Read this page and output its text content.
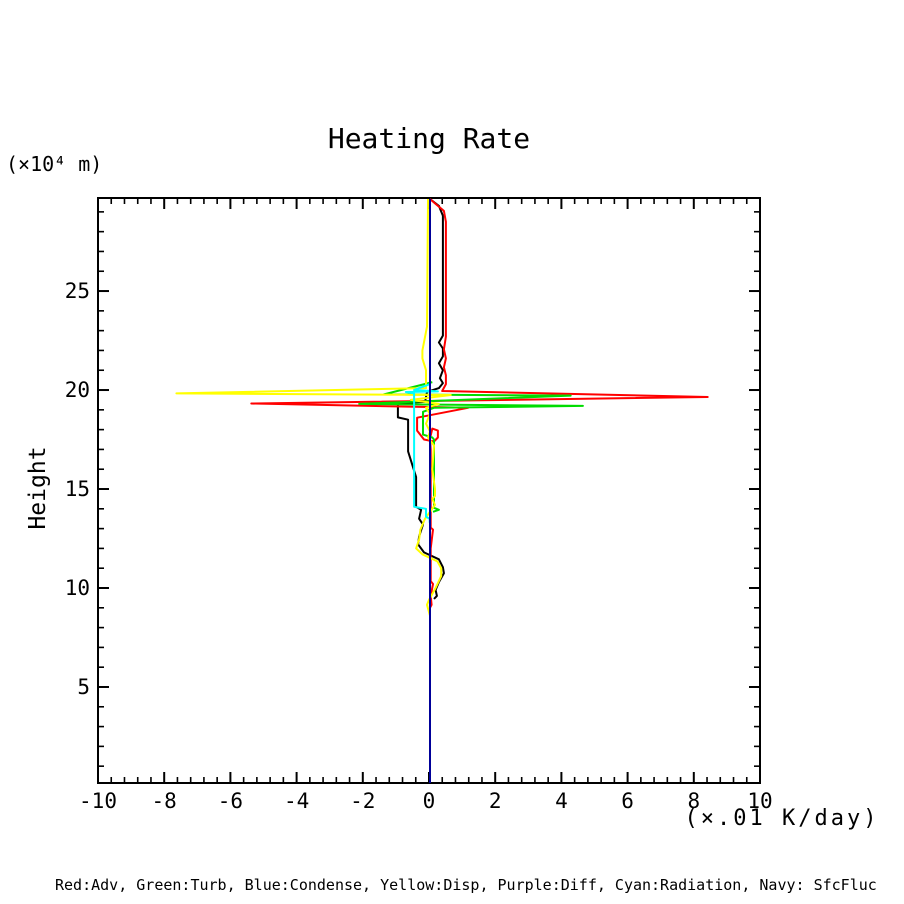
Heating Rate
(×10⁴ m)
Height
(×.01 K/day)
Red:Adv, Green:Turb, Blue:Condense, Yellow:Disp, Purple:Diff, Cyan:Radiation, Navy: SfcFluc
-10	-8	-6	-4	-2	0	2	4	6	8	10
5
10
15
20
25
